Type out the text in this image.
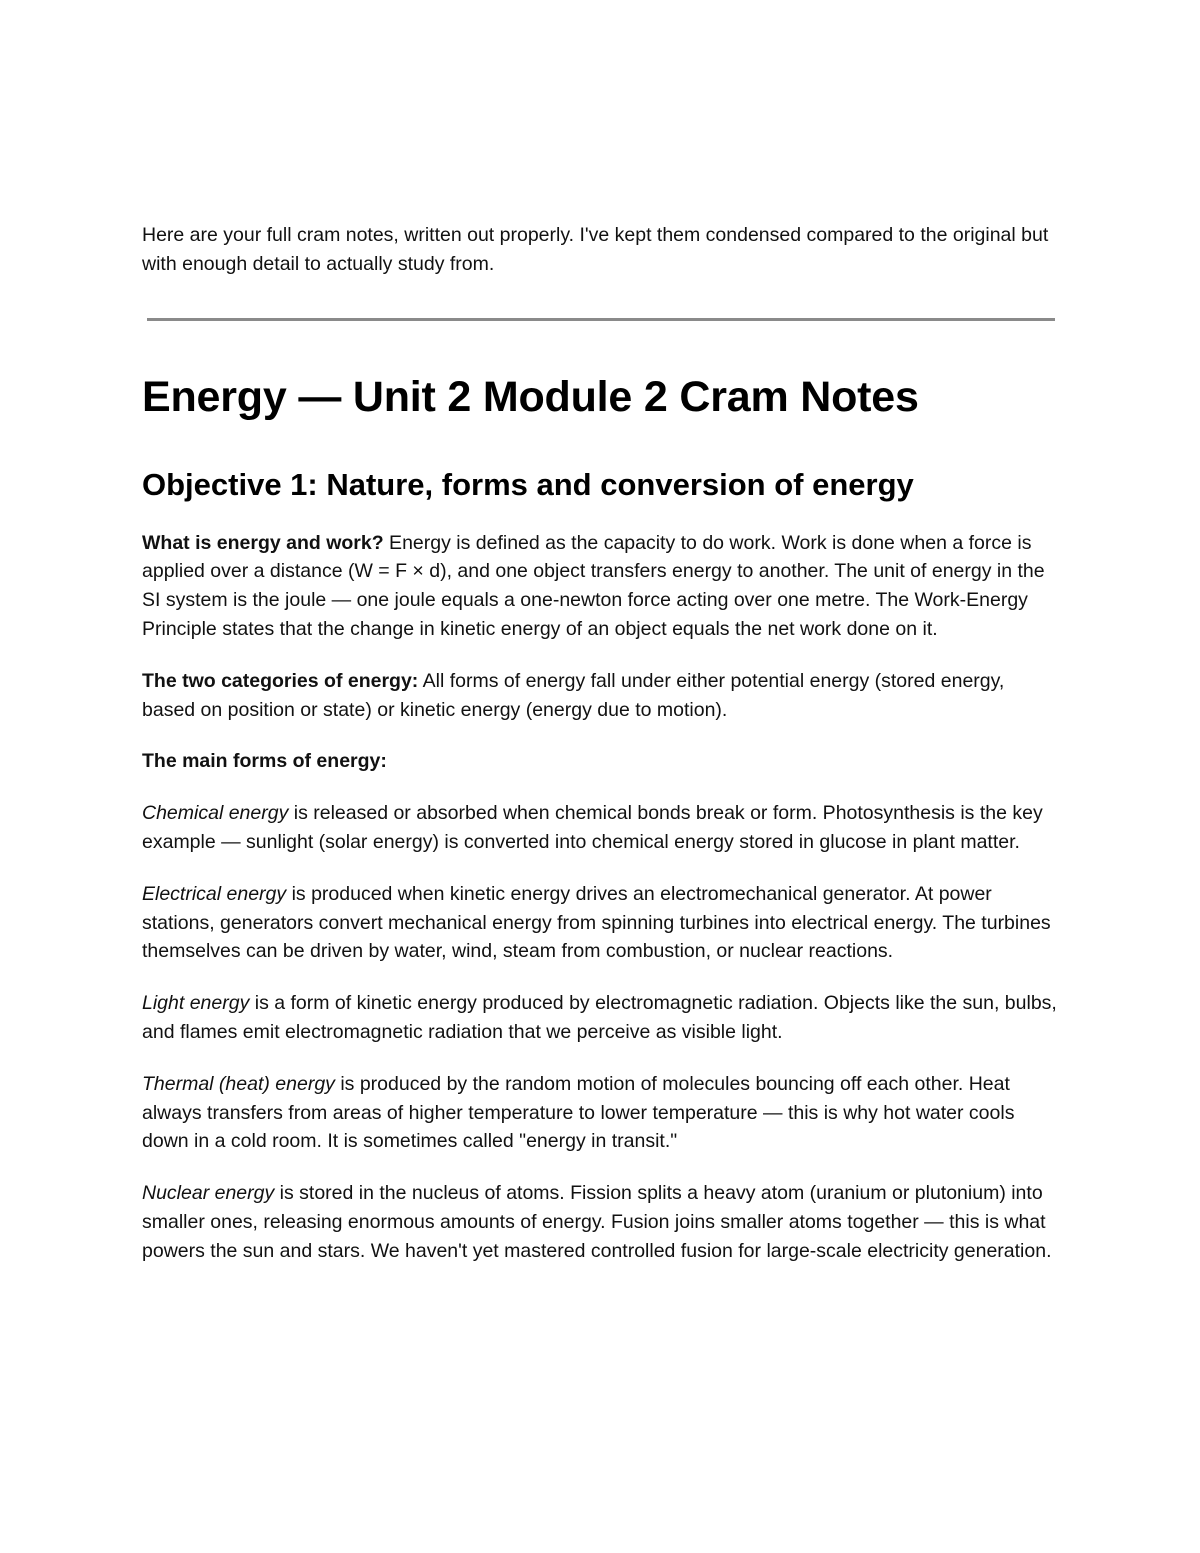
Here are your full cram notes, written out properly. I've kept them condensed compared to the original but with enough detail to actually study from.

Energy — Unit 2 Module 2 Cram Notes
Objective 1: Nature, forms and conversion of energy

What is energy and work? Energy is defined as the capacity to do work. Work is done when a force is applied over a distance (W = F × d), and one object transfers energy to another. The unit of energy in the SI system is the joule — one joule equals a one-newton force acting over one metre. The Work-Energy Principle states that the change in kinetic energy of an object equals the net work done on it.

The two categories of energy: All forms of energy fall under either potential energy (stored energy, based on position or state) or kinetic energy (energy due to motion).

The main forms of energy:

Chemical energy is released or absorbed when chemical bonds break or form. Photosynthesis is the key example — sunlight (solar energy) is converted into chemical energy stored in glucose in plant matter.

Electrical energy is produced when kinetic energy drives an electromechanical generator. At power stations, generators convert mechanical energy from spinning turbines into electrical energy. The turbines themselves can be driven by water, wind, steam from combustion, or nuclear reactions.

Light energy is a form of kinetic energy produced by electromagnetic radiation. Objects like the sun, bulbs, and flames emit electromagnetic radiation that we perceive as visible light.

Thermal (heat) energy is produced by the random motion of molecules bouncing off each other. Heat always transfers from areas of higher temperature to lower temperature — this is why hot water cools down in a cold room. It is sometimes called "energy in transit."

Nuclear energy is stored in the nucleus of atoms. Fission splits a heavy atom (uranium or plutonium) into smaller ones, releasing enormous amounts of energy. Fusion joins smaller atoms together — this is what powers the sun and stars. We haven't yet mastered controlled fusion for large-scale electricity generation.
